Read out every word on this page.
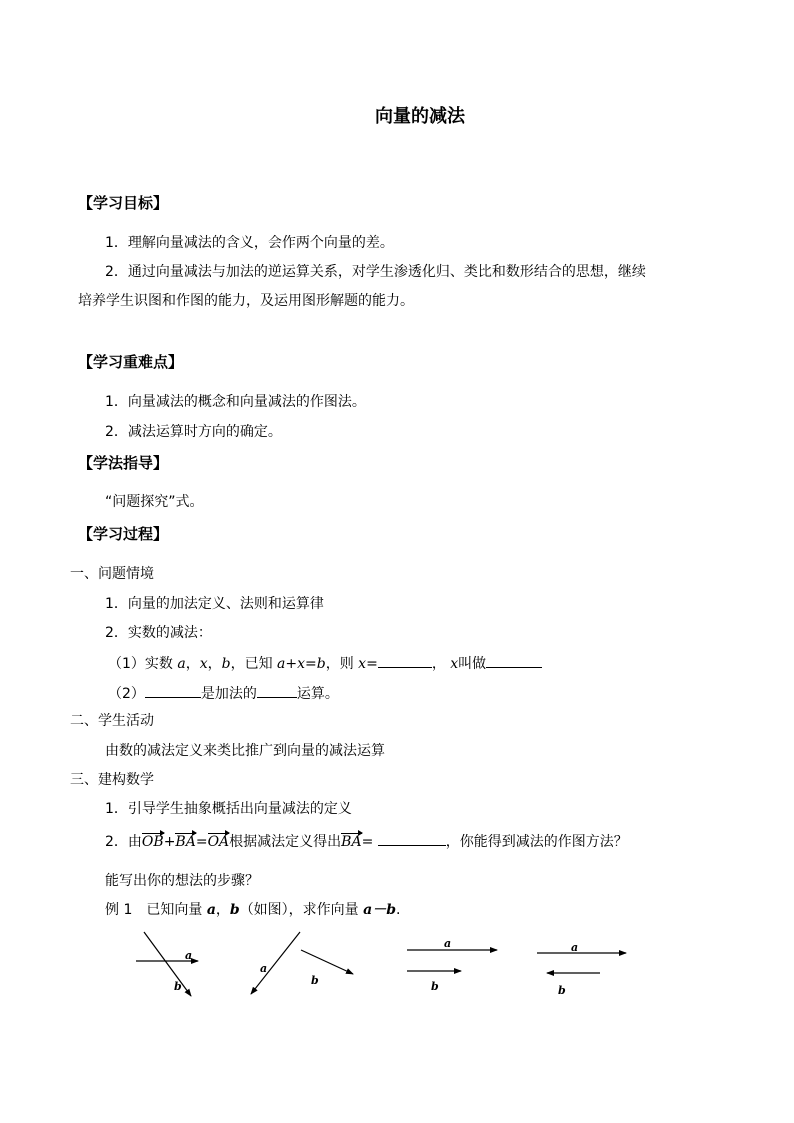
向量的减法
【学习目标】
1．理解向量减法的含义，会作两个向量的差。
2．通过向量减法与加法的逆运算关系，对学生渗透化归、类比和数形结合的思想，继续
培养学生识图和作图的能力，及运用图形解题的能力。
【学习重难点】
1．向量减法的概念和向量减法的作图法。
2．减法运算时方向的确定。
【学法指导】
“问题探究”式。
【学习过程】
一、问题情境
1．向量的加法定义、法则和运算律
2．实数的减法：
（1）实数 a，x，b，已知 a+x=b，则 x=	， x叫做
（2）	是加法的	运算。
二、学生活动
由数的减法定义来类比推广到向量的减法运算
三、建构数学
1．引导学生抽象概括出向量减法的定义
2．由OB+BA=OA根据减法定义得出BA=	，你能得到减法的作图方法？
能写出你的想法的步骤？
例 1　已知向量 a，b（如图），求作向量 a－b.
a
b
a
b
a
b
a
b
